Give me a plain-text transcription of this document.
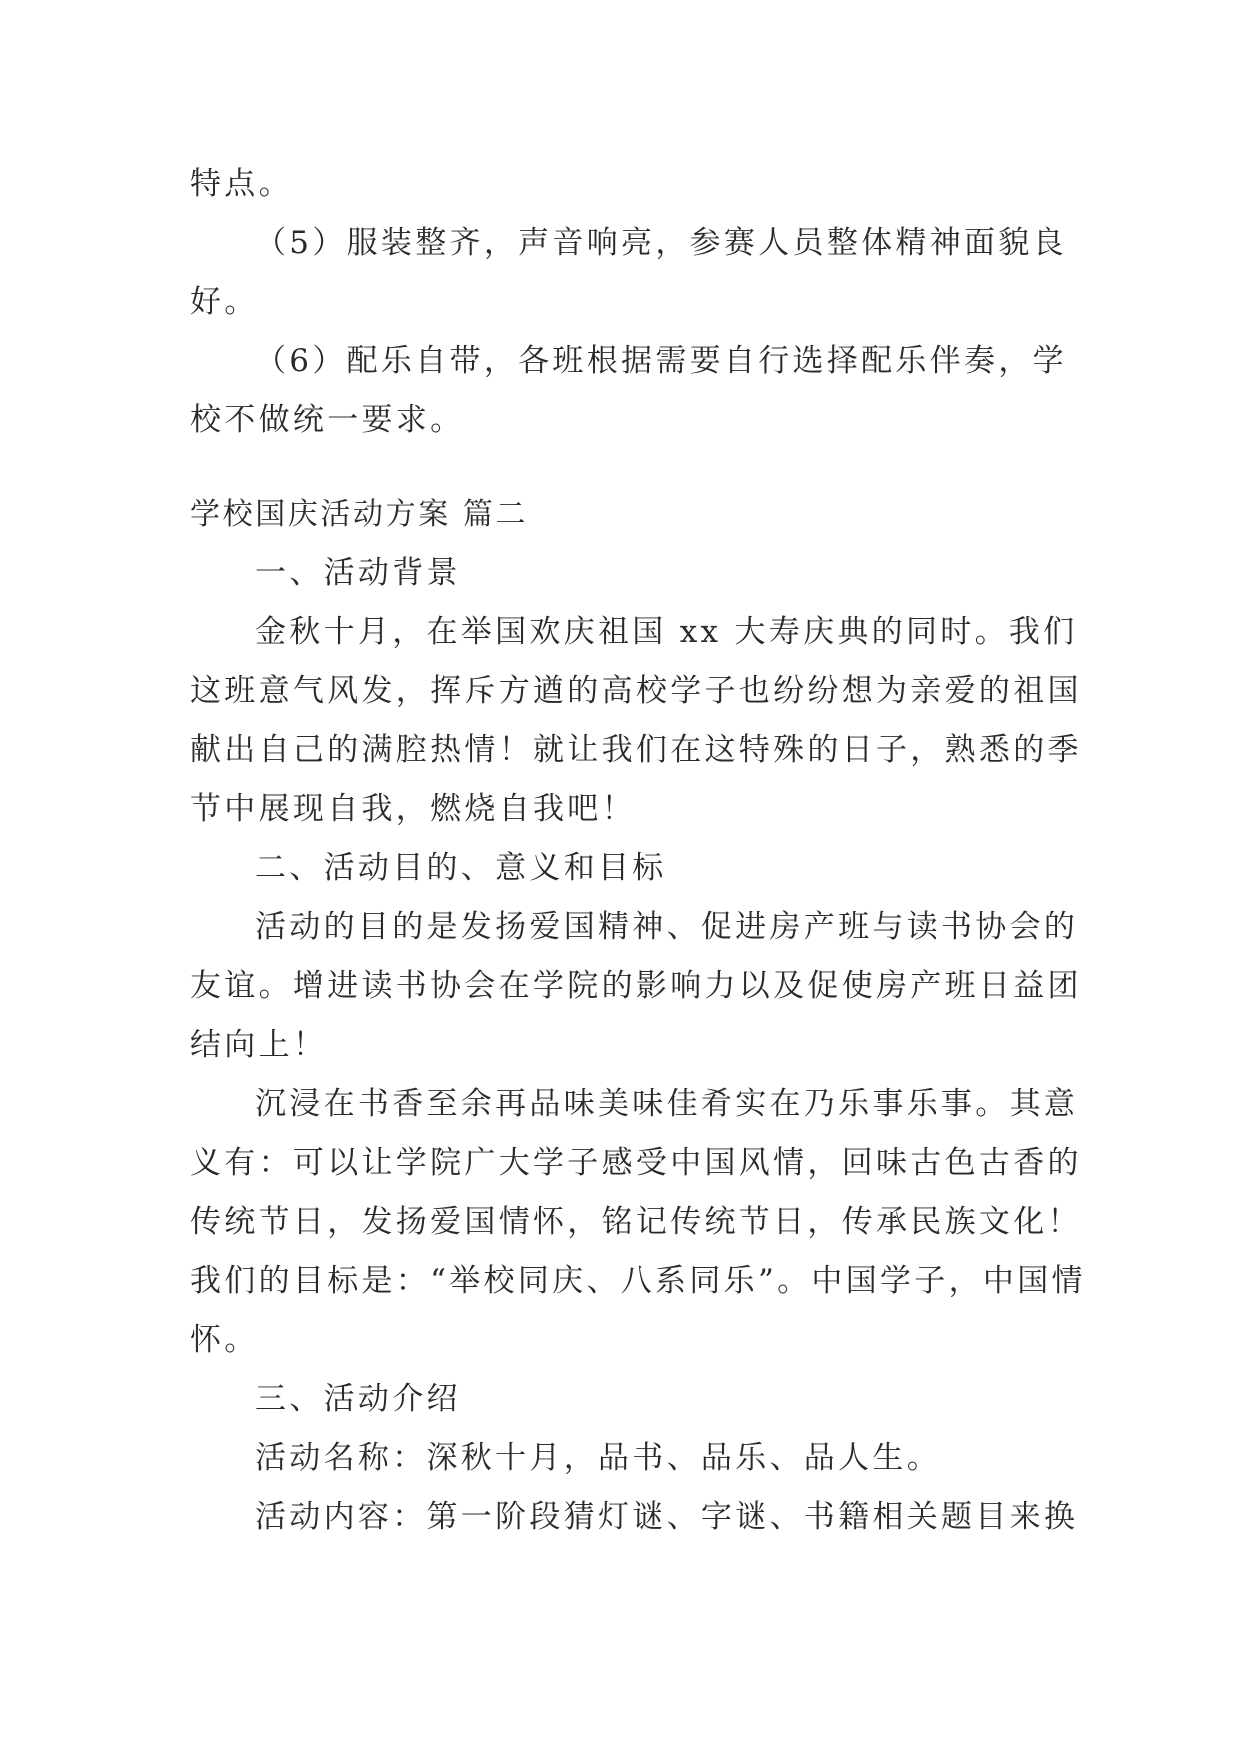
特点。
（5）服装整齐，声音响亮，参赛人员整体精神面貌良
好。
（6）配乐自带，各班根据需要自行选择配乐伴奏，学
校不做统一要求。
学校国庆活动方案 篇二
一、活动背景
金秋十月，在举国欢庆祖国 xx 大寿庆典的同时。我们
这班意气风发，挥斥方遒的高校学子也纷纷想为亲爱的祖国
献出自己的满腔热情！就让我们在这特殊的日子，熟悉的季
节中展现自我，燃烧自我吧！
二、活动目的、意义和目标
活动的目的是发扬爱国精神、促进房产班与读书协会的
友谊。增进读书协会在学院的影响力以及促使房产班日益团
结向上！
沉浸在书香至余再品味美味佳肴实在乃乐事乐事。其意
义有：可以让学院广大学子感受中国风情，回味古色古香的
传统节日，发扬爱国情怀，铭记传统节日，传承民族文化！
我们的目标是：“举校同庆、八系同乐”。中国学子，中国情
怀。
三、活动介绍
活动名称：深秋十月，品书、品乐、品人生。
活动内容：第一阶段猜灯谜、字谜、书籍相关题目来换
